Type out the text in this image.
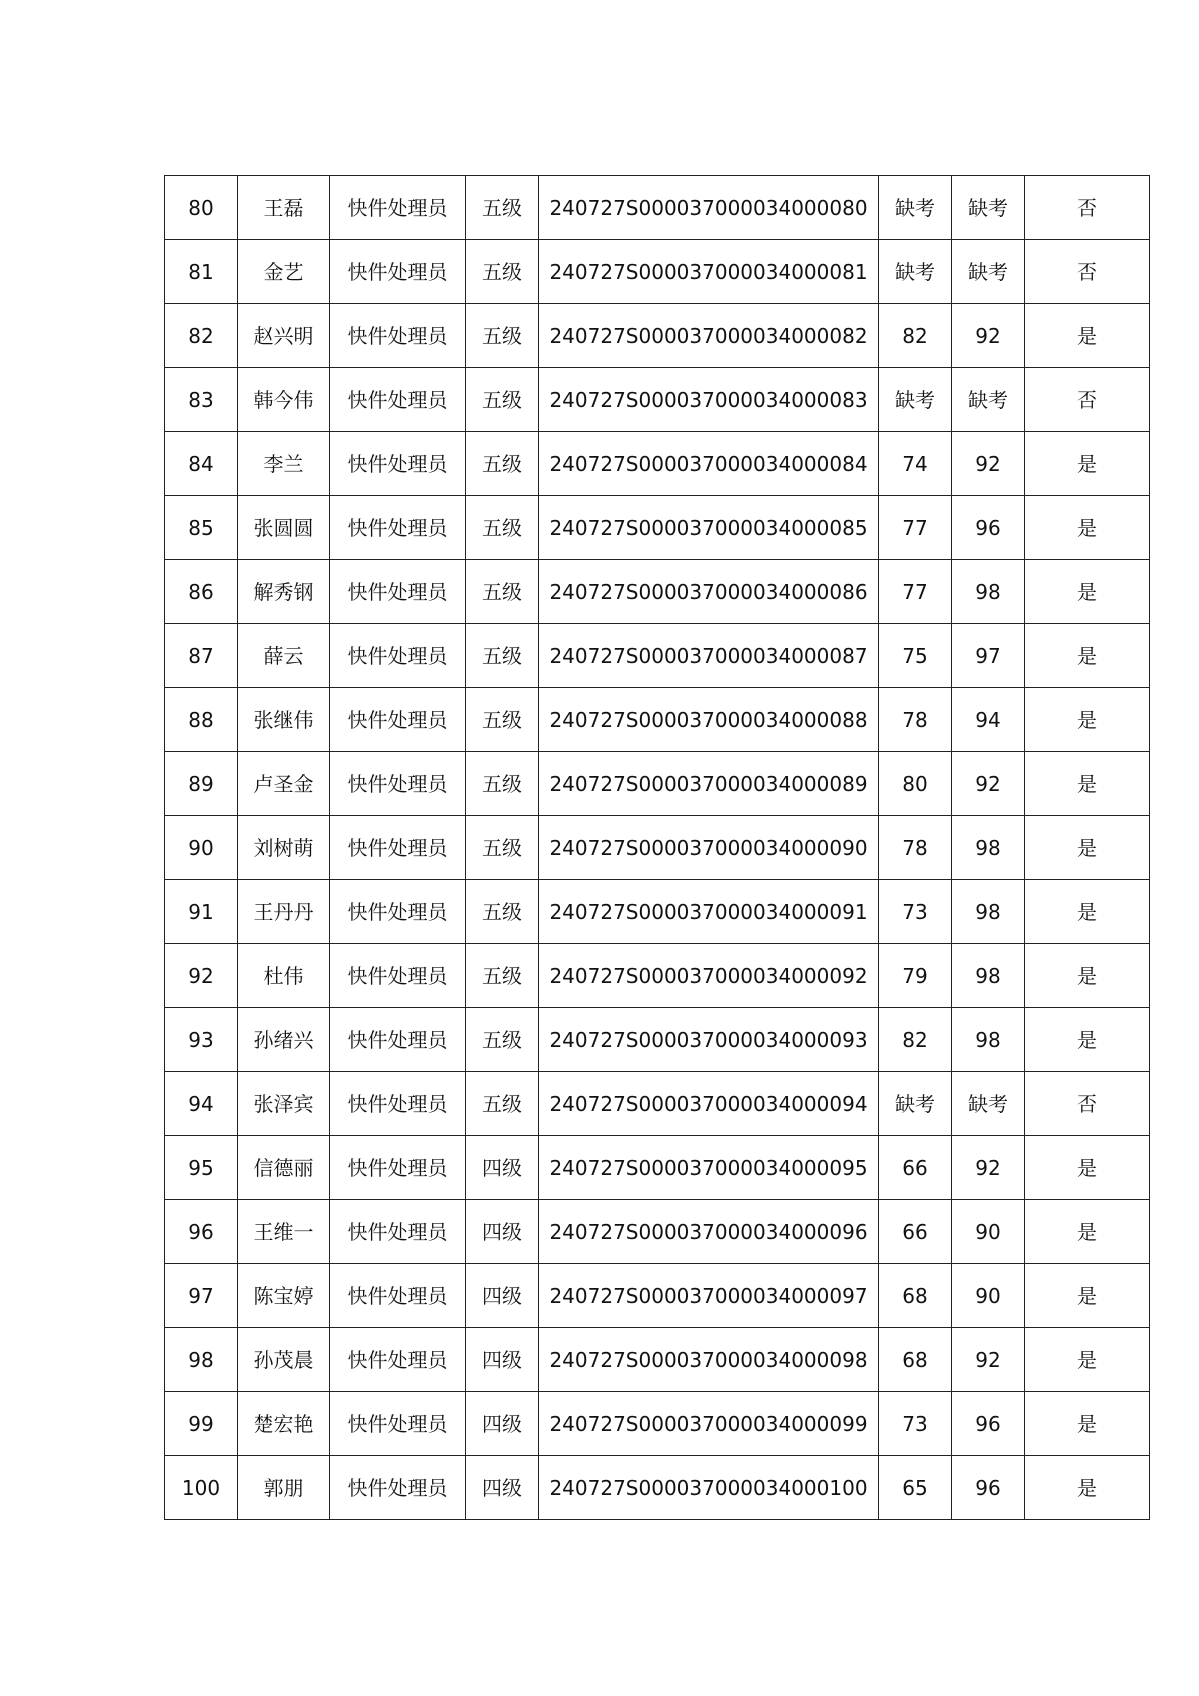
80	王磊	快件处理员	五级	240727S000037000034000080	缺考	缺考	否
81	金艺	快件处理员	五级	240727S000037000034000081	缺考	缺考	否
82	赵兴明	快件处理员	五级	240727S000037000034000082	82	92	是
83	韩今伟	快件处理员	五级	240727S000037000034000083	缺考	缺考	否
84	李兰	快件处理员	五级	240727S000037000034000084	74	92	是
85	张圆圆	快件处理员	五级	240727S000037000034000085	77	96	是
86	解秀钢	快件处理员	五级	240727S000037000034000086	77	98	是
87	薛云	快件处理员	五级	240727S000037000034000087	75	97	是
88	张继伟	快件处理员	五级	240727S000037000034000088	78	94	是
89	卢圣金	快件处理员	五级	240727S000037000034000089	80	92	是
90	刘树萌	快件处理员	五级	240727S000037000034000090	78	98	是
91	王丹丹	快件处理员	五级	240727S000037000034000091	73	98	是
92	杜伟	快件处理员	五级	240727S000037000034000092	79	98	是
93	孙绪兴	快件处理员	五级	240727S000037000034000093	82	98	是
94	张泽宾	快件处理员	五级	240727S000037000034000094	缺考	缺考	否
95	信德丽	快件处理员	四级	240727S000037000034000095	66	92	是
96	王维一	快件处理员	四级	240727S000037000034000096	66	90	是
97	陈宝婷	快件处理员	四级	240727S000037000034000097	68	90	是
98	孙茂晨	快件处理员	四级	240727S000037000034000098	68	92	是
99	楚宏艳	快件处理员	四级	240727S000037000034000099	73	96	是
100	郭朋	快件处理员	四级	240727S000037000034000100	65	96	是
